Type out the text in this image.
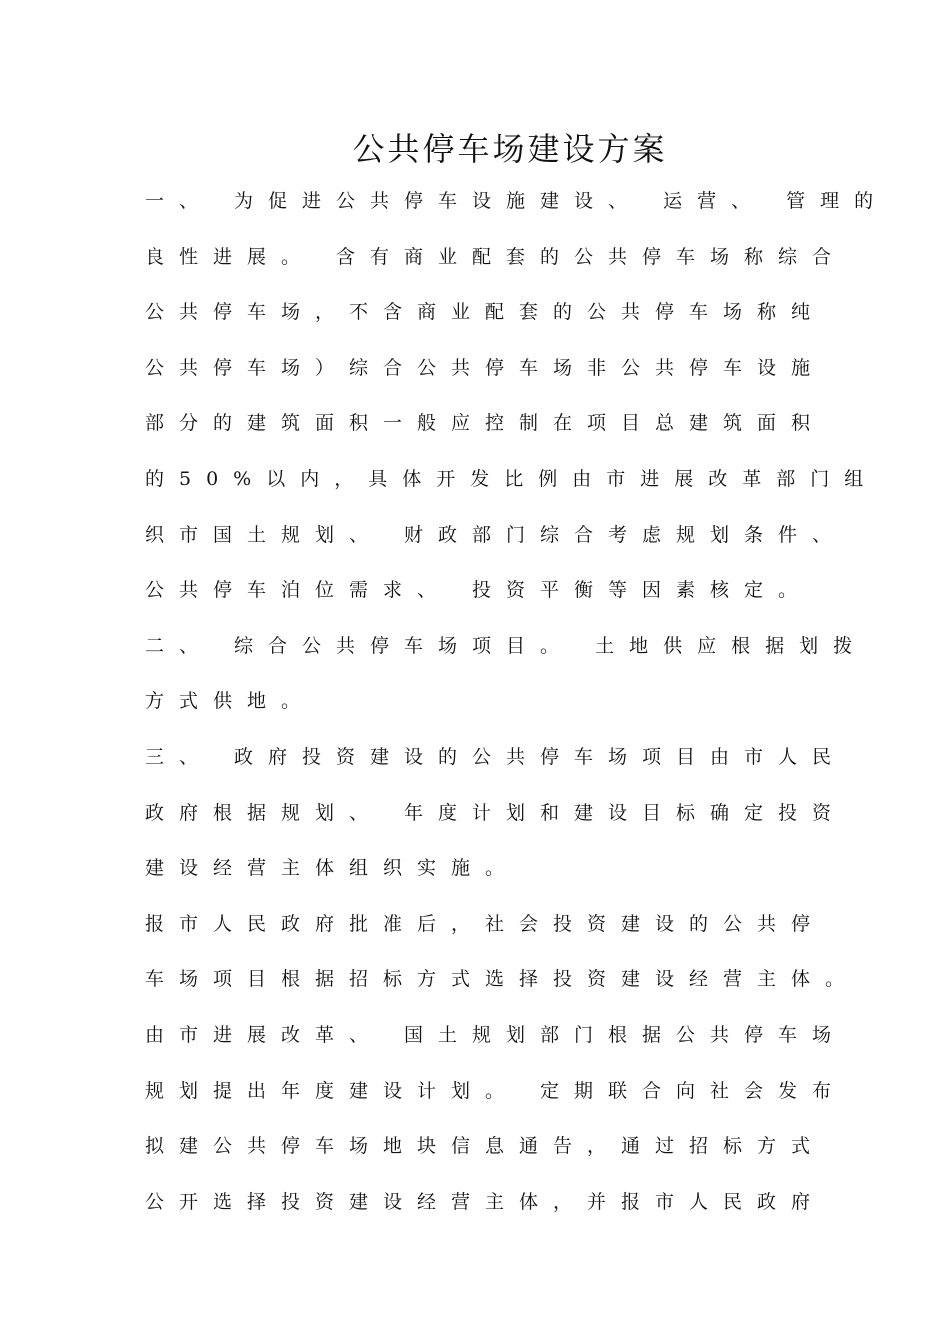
公共停车场建设方案
一、 为促进公共停车设施建设、 运营、 管理的
良性进展。 含有商业配套的公共停车场称综合
公共停车场，不含商业配套的公共停车场称纯
公共停车场）综合公共停车场非公共停车设施
部分的建筑面积一般应控制在项目总建筑面积
的50%以内，具体开发比例由市进展改革部门组
织市国土规划、 财政部门综合考虑规划条件、
公共停车泊位需求、 投资平衡等因素核定。
二、 综合公共停车场项目。 土地供应根据划拨
方式供地。
三、 政府投资建设的公共停车场项目由市人民
政府根据规划、 年度计划和建设目标确定投资
建设经营主体组织实施。
报市人民政府批准后，社会投资建设的公共停
车场项目根据招标方式选择投资建设经营主体。
由市进展改革、 国土规划部门根据公共停车场
规划提出年度建设计划。 定期联合向社会发布
拟建公共停车场地块信息通告，通过招标方式
公开选择投资建设经营主体，并报市人民政府
